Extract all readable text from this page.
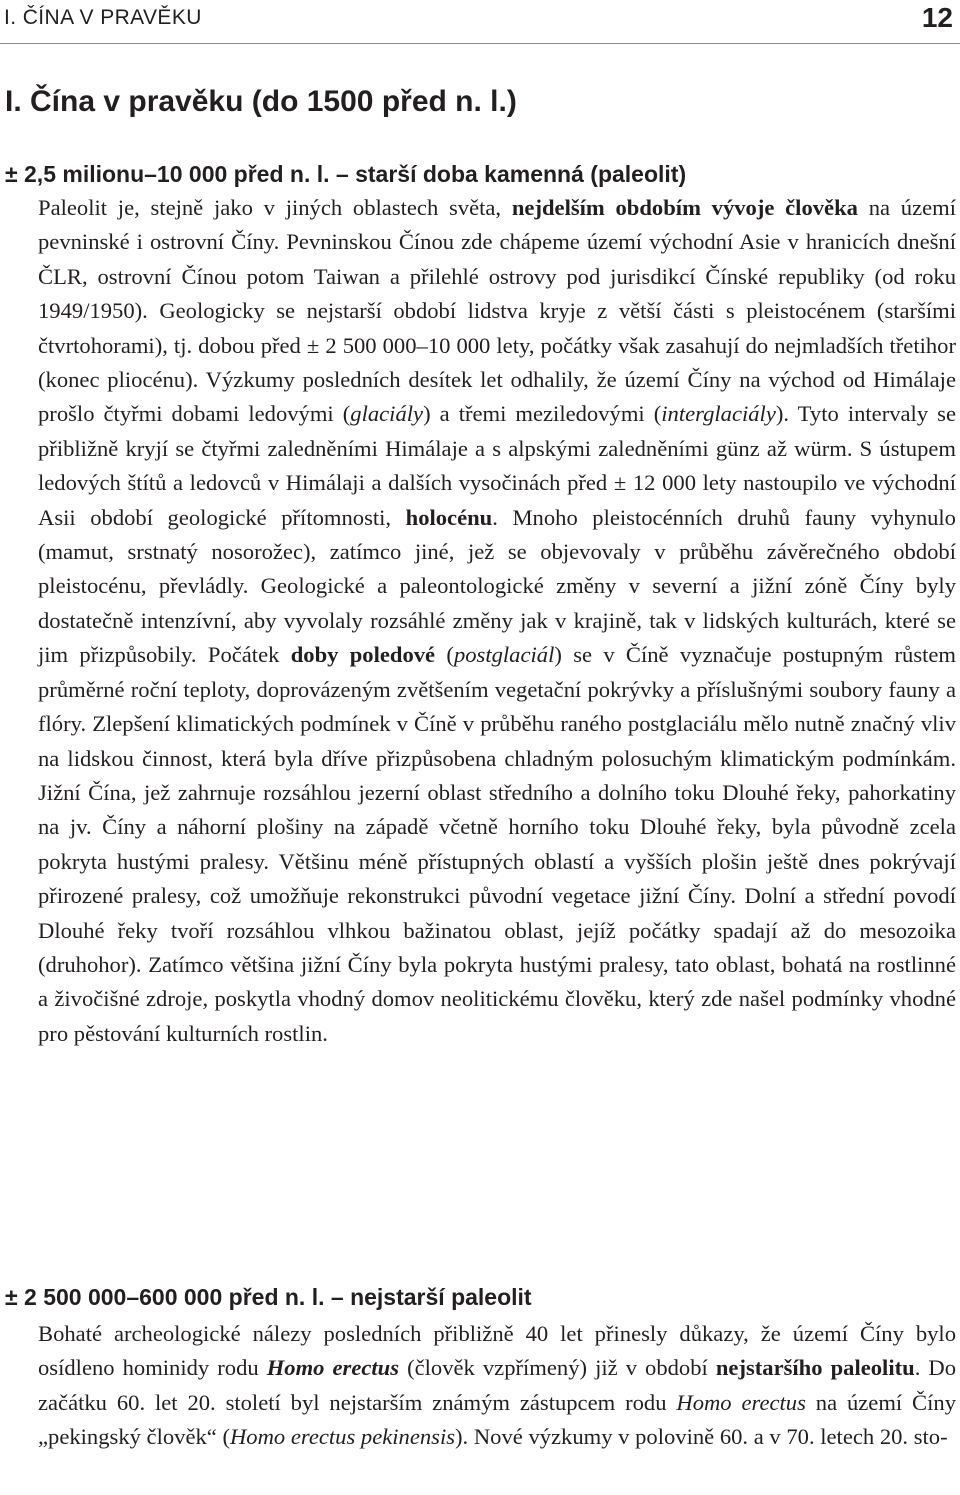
I. ČÍNA V PRAVĚKU	12
I. Čína v pravěku (do 1500 před n. l.)
± 2,5 milionu–10 000 před n. l. – starší doba kamenná (paleolit)

Paleolit je, stejně jako v jiných oblastech světa, nejdelším obdobím vývoje člověka na území pevninské i ostrovní Číny. Pevninskou Čínou zde chápeme území východní Asie v hranicích dnešní ČLR, ostrovní Čínou potom Taiwan a přilehlé ostrovy pod jurisdikcí Čínské republiky (od roku 1949/1950). Geologicky se nejstarší období lidstva kryje z větší části s pleistocénem (staršími čtvrtohorami), tj. dobou před ± 2 500 000–10 000 lety, počátky však zasahují do nejmladších třetihor (konec pliocénu). Výzkumy posledních desítek let odhalily, že území Číny na východ od Himálaje prošlo čtyřmi dobami ledovými (glaciály) a třemi meziledovými (interglaciály). Tyto intervaly se přibližně kryjí se čtyřmi zaledněními Himálaje a s alpskými zaledněními günz až würm. S ústupem ledových štítů a ledovců v Himálaji a dalších vysočinách před ± 12 000 lety nastoupilo ve východní Asii období geologické přítomnosti, holocénu. Mnoho pleistocénních druhů fauny vyhynulo (mamut, srstnatý nosorožec), zatímco jiné, jež se objevovaly v průběhu závěrečného období pleistocénu, převládly. Geologické a paleontologické změny v severní a jižní zóně Číny byly dostatečně intenzívní, aby vyvolaly rozsáhlé změny jak v krajině, tak v lidských kulturách, které se jim přizpůsobily. Počátek doby poledové (postglaciál) se v Číně vyznačuje postupným růstem průměrné roční teploty, doprovázeným zvětšením vegetační pokrývky a příslušnými soubory fauny a flóry. Zlepšení klimatických podmínek v Číně v průběhu raného postglaciálu mělo nutně značný vliv na lidskou činnost, která byla dříve přizpůsobena chladným polosuchým klimatickým podmínkám. Jižní Čína, jež zahrnuje rozsáhlou jezerní oblast středního a dolního toku Dlouhé řeky, pahorkatiny na jv. Číny a náhorní plošiny na západě včetně horního toku Dlouhé řeky, byla původně zcela pokryta hustými pralesy. Většinu méně přístupných oblastí a vyšších plošin ještě dnes pokrývají přirozené pralesy, což umožňuje rekonstrukci původní vegetace jižní Číny. Dolní a střední povodí Dlouhé řeky tvoří rozsáhlou vlhkou bažinatou oblast, jejíž počátky spadají až do mesozoika (druhohor). Zatímco většina jižní Číny byla pokryta hustými pralesy, tato oblast, bohatá na rostlinné a živočišné zdroje, poskytla vhodný domov neolitickému člověku, který zde našel podmínky vhodné pro pěstování kulturních rostlin.

± 2 500 000–600 000 před n. l. – nejstarší paleolit

Bohaté archeologické nálezy posledních přibližně 40 let přinesly důkazy, že území Číny bylo osídleno hominidy rodu Homo erectus (člověk vzpřímený) již v období nejstaršího paleolitu. Do začátku 60. let 20. století byl nejstarším známým zástupcem rodu Homo erectus na území Číny „pekingský člověk“ (Homo erectus pekinensis). Nové výzkumy v polovině 60. a v 70. letech 20. sto-
